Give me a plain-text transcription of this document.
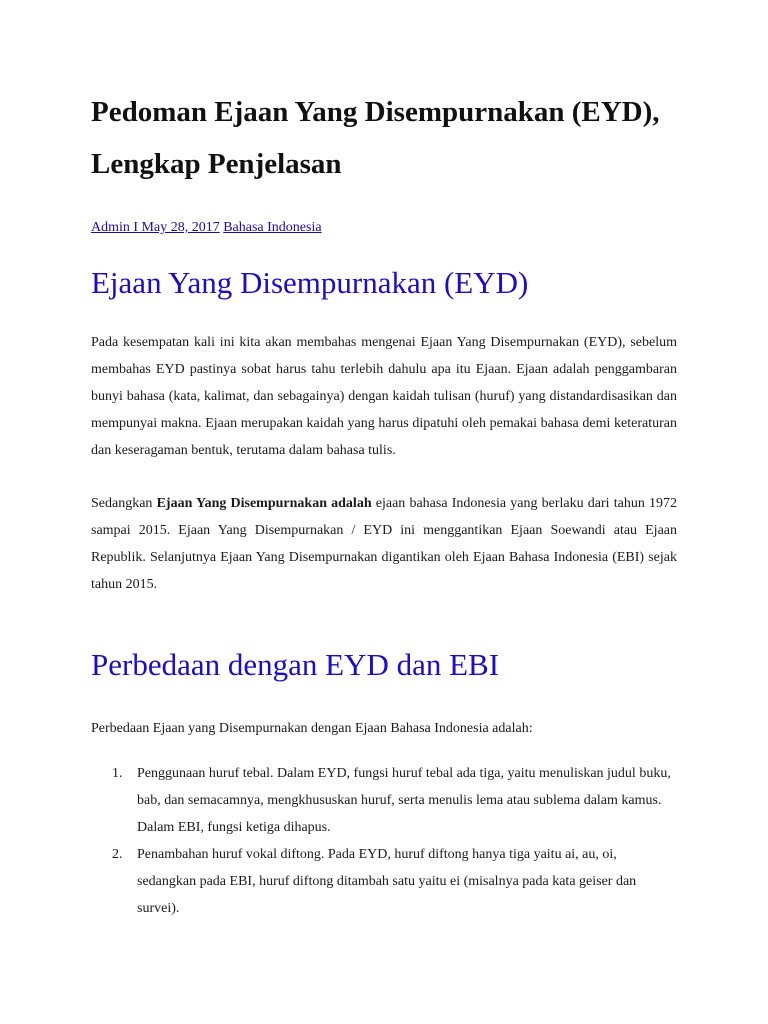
Pedoman Ejaan Yang Disempurnakan (EYD), Lengkap Penjelasan
Admin I May 28, 2017 Bahasa Indonesia
Ejaan Yang Disempurnakan (EYD)

Pada kesempatan kali ini kita akan membahas mengenai Ejaan Yang Disempurnakan (EYD), sebelum membahas EYD pastinya sobat harus tahu terlebih dahulu apa itu Ejaan. Ejaan adalah penggambaran bunyi bahasa (kata, kalimat, dan sebagainya) dengan kaidah tulisan (huruf) yang distandardisasikan dan mempunyai makna. Ejaan merupakan kaidah yang harus dipatuhi oleh pemakai bahasa demi keteraturan dan keseragaman bentuk, terutama dalam bahasa tulis.

Sedangkan Ejaan Yang Disempurnakan adalah ejaan bahasa Indonesia yang berlaku dari tahun 1972 sampai 2015. Ejaan Yang Disempurnakan / EYD ini menggantikan Ejaan Soewandi atau Ejaan Republik. Selanjutnya Ejaan Yang Disempurnakan digantikan oleh Ejaan Bahasa Indonesia (EBI) sejak tahun 2015.

Perbedaan dengan EYD dan EBI

Perbedaan Ejaan yang Disempurnakan dengan Ejaan Bahasa Indonesia adalah:

1. Penggunaan huruf tebal. Dalam EYD, fungsi huruf tebal ada tiga, yaitu menuliskan judul buku, bab, dan semacamnya, mengkhususkan huruf, serta menulis lema atau sublema dalam kamus. Dalam EBI, fungsi ketiga dihapus.
2. Penambahan huruf vokal diftong. Pada EYD, huruf diftong hanya tiga yaitu ai, au, oi, sedangkan pada EBI, huruf diftong ditambah satu yaitu ei (misalnya pada kata geiser dan survei).
